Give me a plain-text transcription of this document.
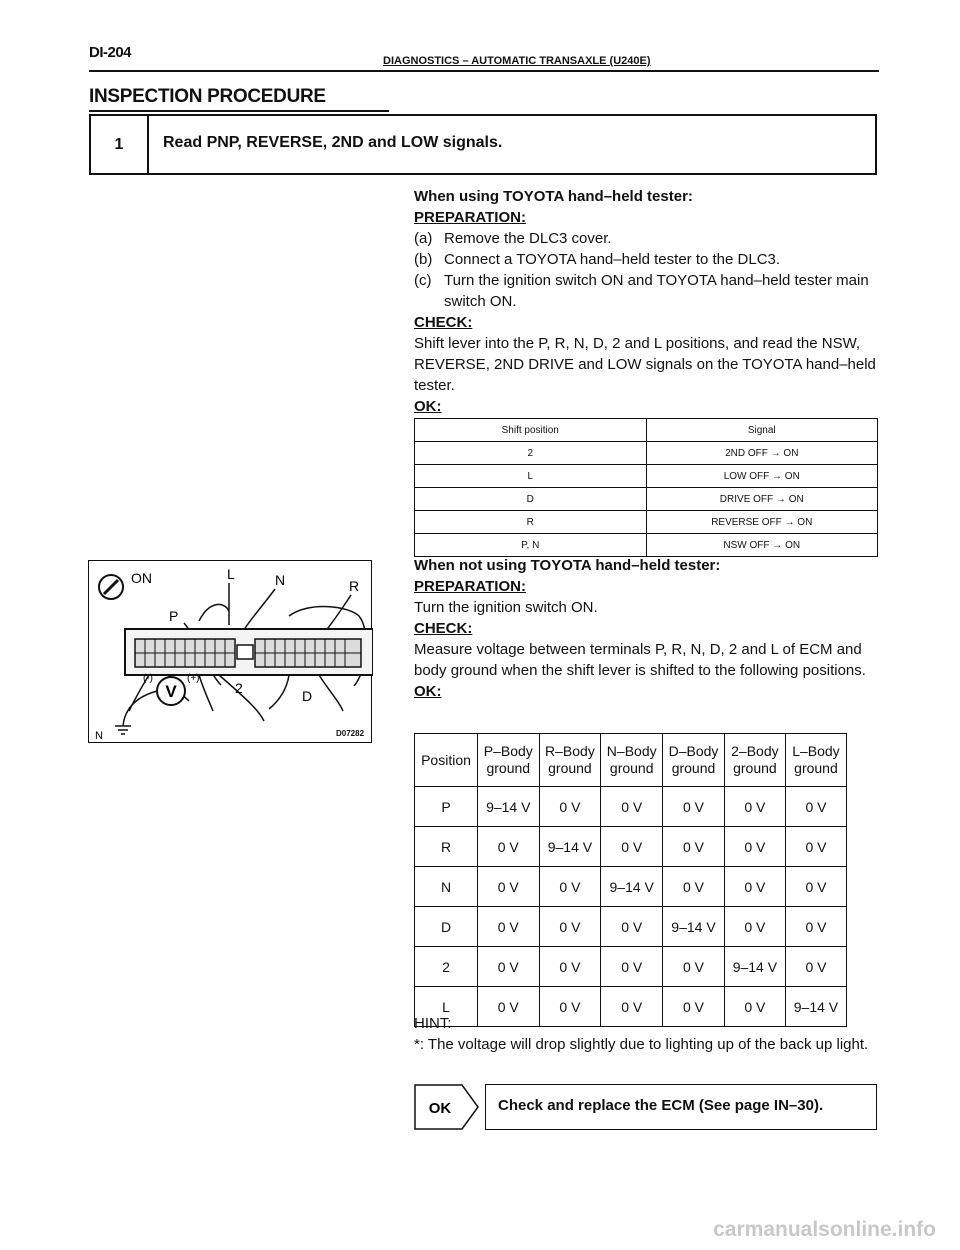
DI-204	DIAGNOSTICS – AUTOMATIC TRANSAXLE (U240E)
INSPECTION PROCEDURE
1	Read PNP, REVERSE, 2ND and LOW signals.
When using TOYOTA hand–held tester:
PREPARATION:
(a) Remove the DLC3 cover.
(b) Connect a TOYOTA hand–held tester to the DLC3.
(c) Turn the ignition switch ON and TOYOTA hand–held tester main switch ON.
CHECK:
Shift lever into the P, R, N, D, 2 and L positions, and read the NSW, REVERSE, 2ND DRIVE and LOW signals on the TOYOTA hand–held tester.
OK:
Shift position	Signal
2	2ND OFF → ON
L	LOW OFF → ON
D	DRIVE OFF → ON
R	REVERSE OFF → ON
P, N	NSW OFF → ON
When not using TOYOTA hand–held tester:
PREPARATION:
Turn the ignition switch ON.
CHECK:
Measure voltage between terminals P, R, N, D, 2 and L of ECM and body ground when the shift lever is shifted to the following positions.
OK:
Position	P–Body ground	R–Body ground	N–Body ground	D–Body ground	2–Body ground	L–Body ground
P	9–14 V	0 V	0 V	0 V	0 V	0 V
R	0 V	9–14 V	0 V	0 V	0 V	0 V
N	0 V	0 V	9–14 V	0 V	0 V	0 V
D	0 V	0 V	0 V	9–14 V	0 V	0 V
2	0 V	0 V	0 V	0 V	9–14 V	0 V
L	0 V	0 V	0 V	0 V	0 V	9–14 V
HINT:
*: The voltage will drop slightly due to lighting up of the back up light.
OK	Check and replace the ECM (See page IN–30).
ON	L	N	R
P
2	D
V
(-)	(+)
N	D07282
carmanualsonline.info
